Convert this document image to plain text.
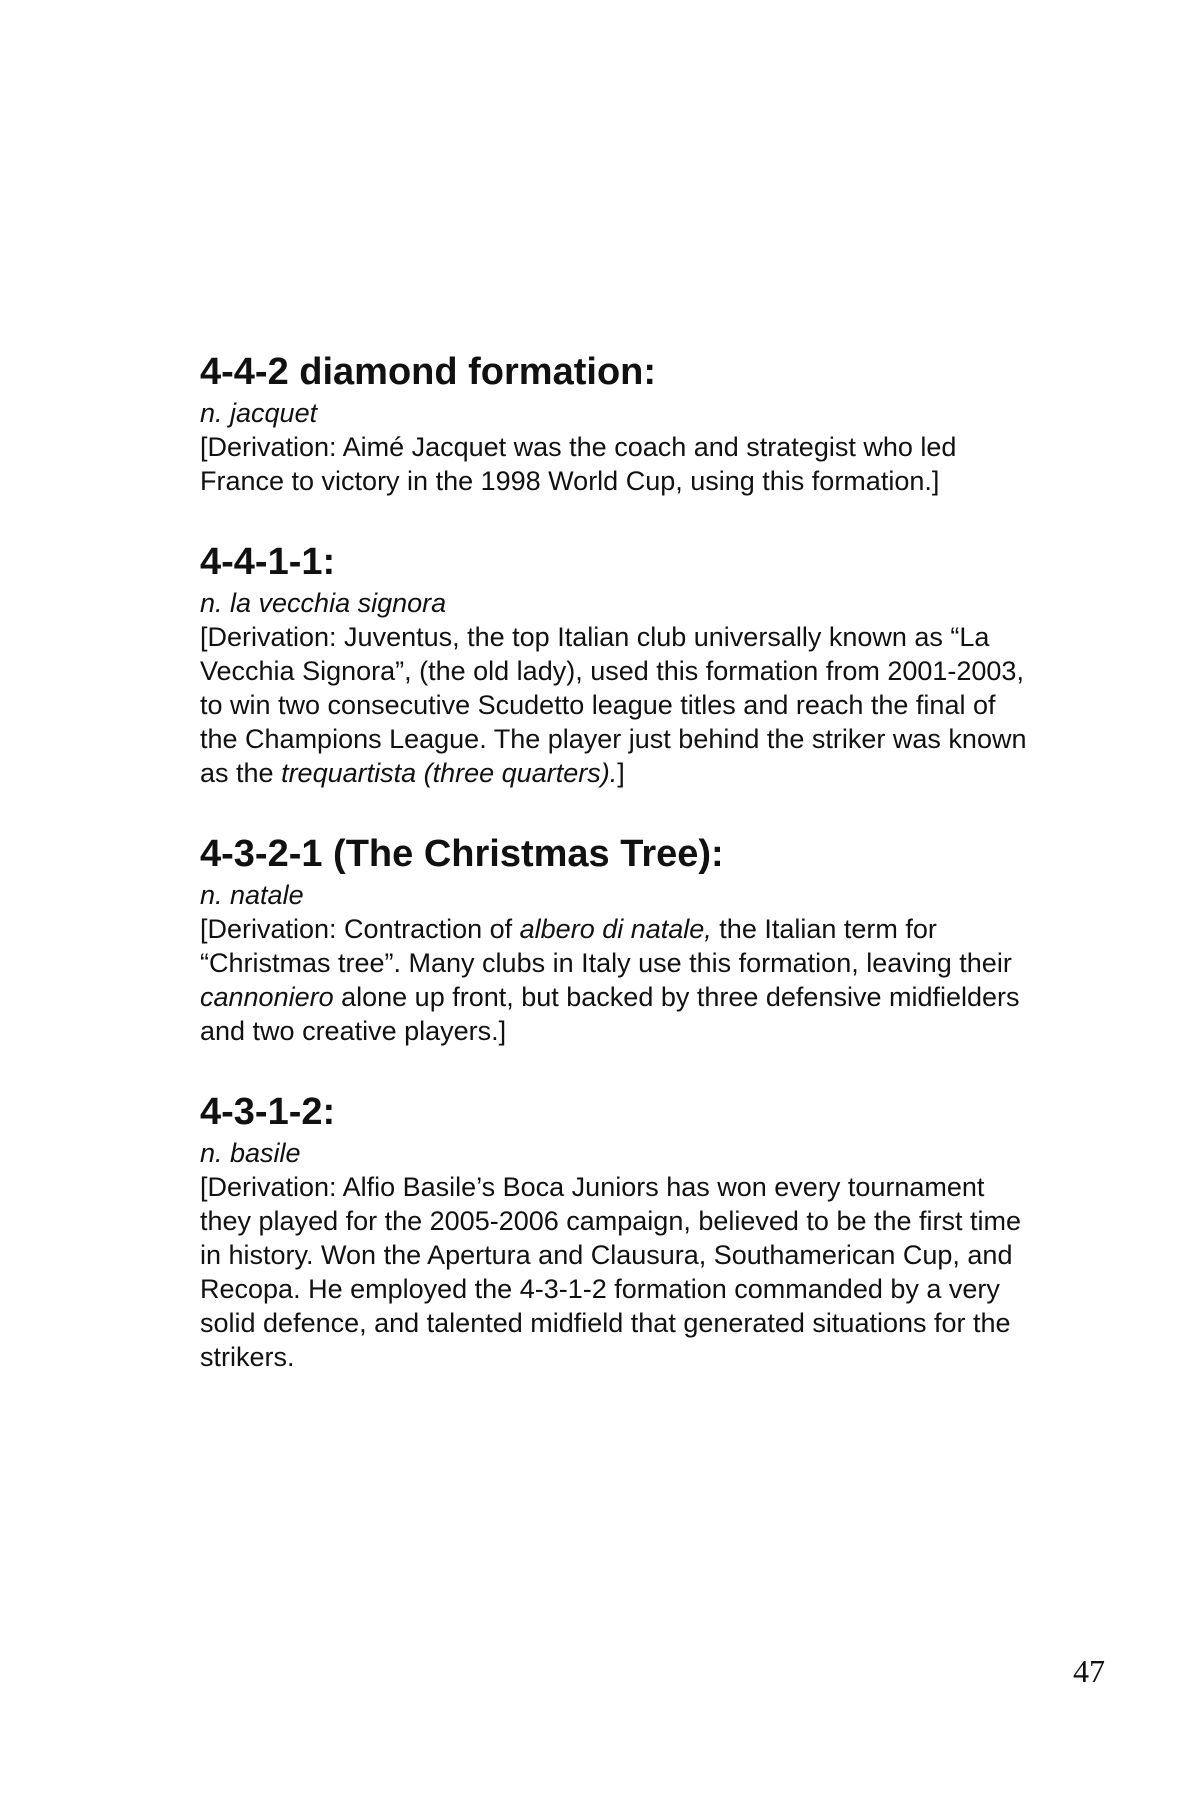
4-4-2 diamond formation:
n. jacquet
[Derivation: Aimé Jacquet was the coach and strategist who led
France to victory in the 1998 World Cup, using this formation.]
4-4-1-1:
n. la vecchia signora
[Derivation: Juventus, the top Italian club universally known as “La
Vecchia Signora”, (the old lady), used this formation from 2001-2003,
to win two consecutive Scudetto league titles and reach the final of
the Champions League. The player just behind the striker was known
as the trequartista (three quarters).]
4-3-2-1 (The Christmas Tree):
n. natale
[Derivation: Contraction of albero di natale, the Italian term for
“Christmas tree”. Many clubs in Italy use this formation, leaving their
cannoniero alone up front, but backed by three defensive midfielders
and two creative players.]
4-3-1-2:
n. basile
[Derivation: Alfio Basile’s Boca Juniors has won every tournament
they played for the 2005-2006 campaign, believed to be the first time
in history. Won the Apertura and Clausura, Southamerican Cup, and
Recopa. He employed the 4-3-1-2 formation commanded by a very
solid defence, and talented midfield that generated situations for the
strikers.
47
